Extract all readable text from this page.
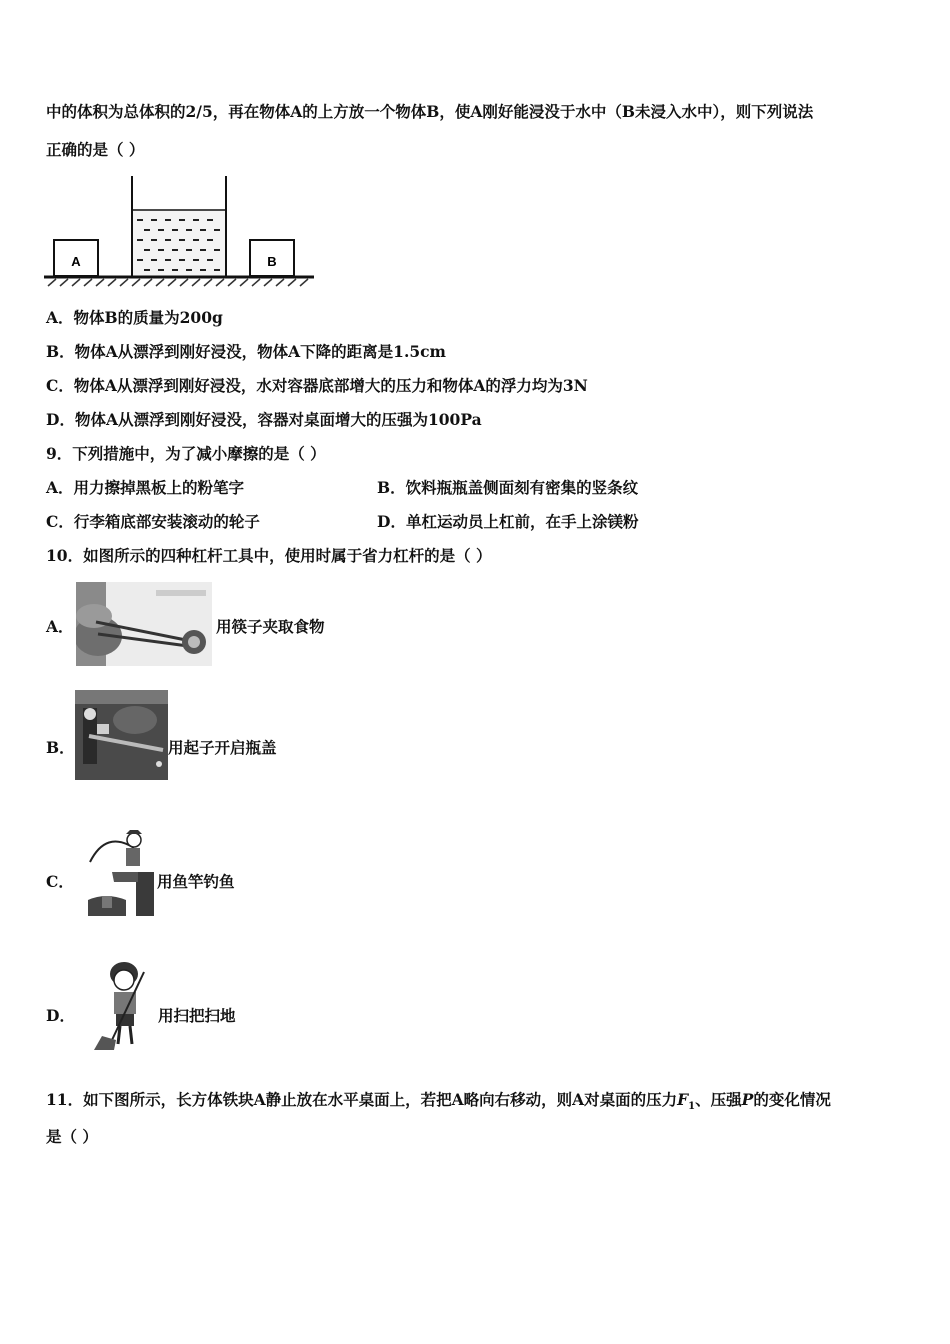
中的体积为总体积的2/5，再在物体A的上方放一个物体B，使A刚好能浸没于水中（B未浸入水中），则下列说法
正确的是（ ）
A	B
A．物体B的质量为200g
B．物体A从漂浮到刚好浸没，物体A下降的距离是1.5cm
C．物体A从漂浮到刚好浸没，水对容器底部增大的压力和物体A的浮力均为3N
D．物体A从漂浮到刚好浸没，容器对桌面增大的压强为100Pa
9．下列措施中，为了减小摩擦的是（ ）
A．用力擦掉黑板上的粉笔字	B．饮料瓶瓶盖侧面刻有密集的竖条纹
C．行李箱底部安装滚动的轮子	D．单杠运动员上杠前，在手上涂镁粉
10．如图所示的四种杠杆工具中，使用时属于省力杠杆的是（ ）
A．	用筷子夹取食物
B．	用起子开启瓶盖
C．	用鱼竿钓鱼
D．	用扫把扫地
11．如下图所示，长方体铁块A静止放在水平桌面上，若把A略向右移动，则A对桌面的压力$F_1$、压强P的变化情况
是（ ）
